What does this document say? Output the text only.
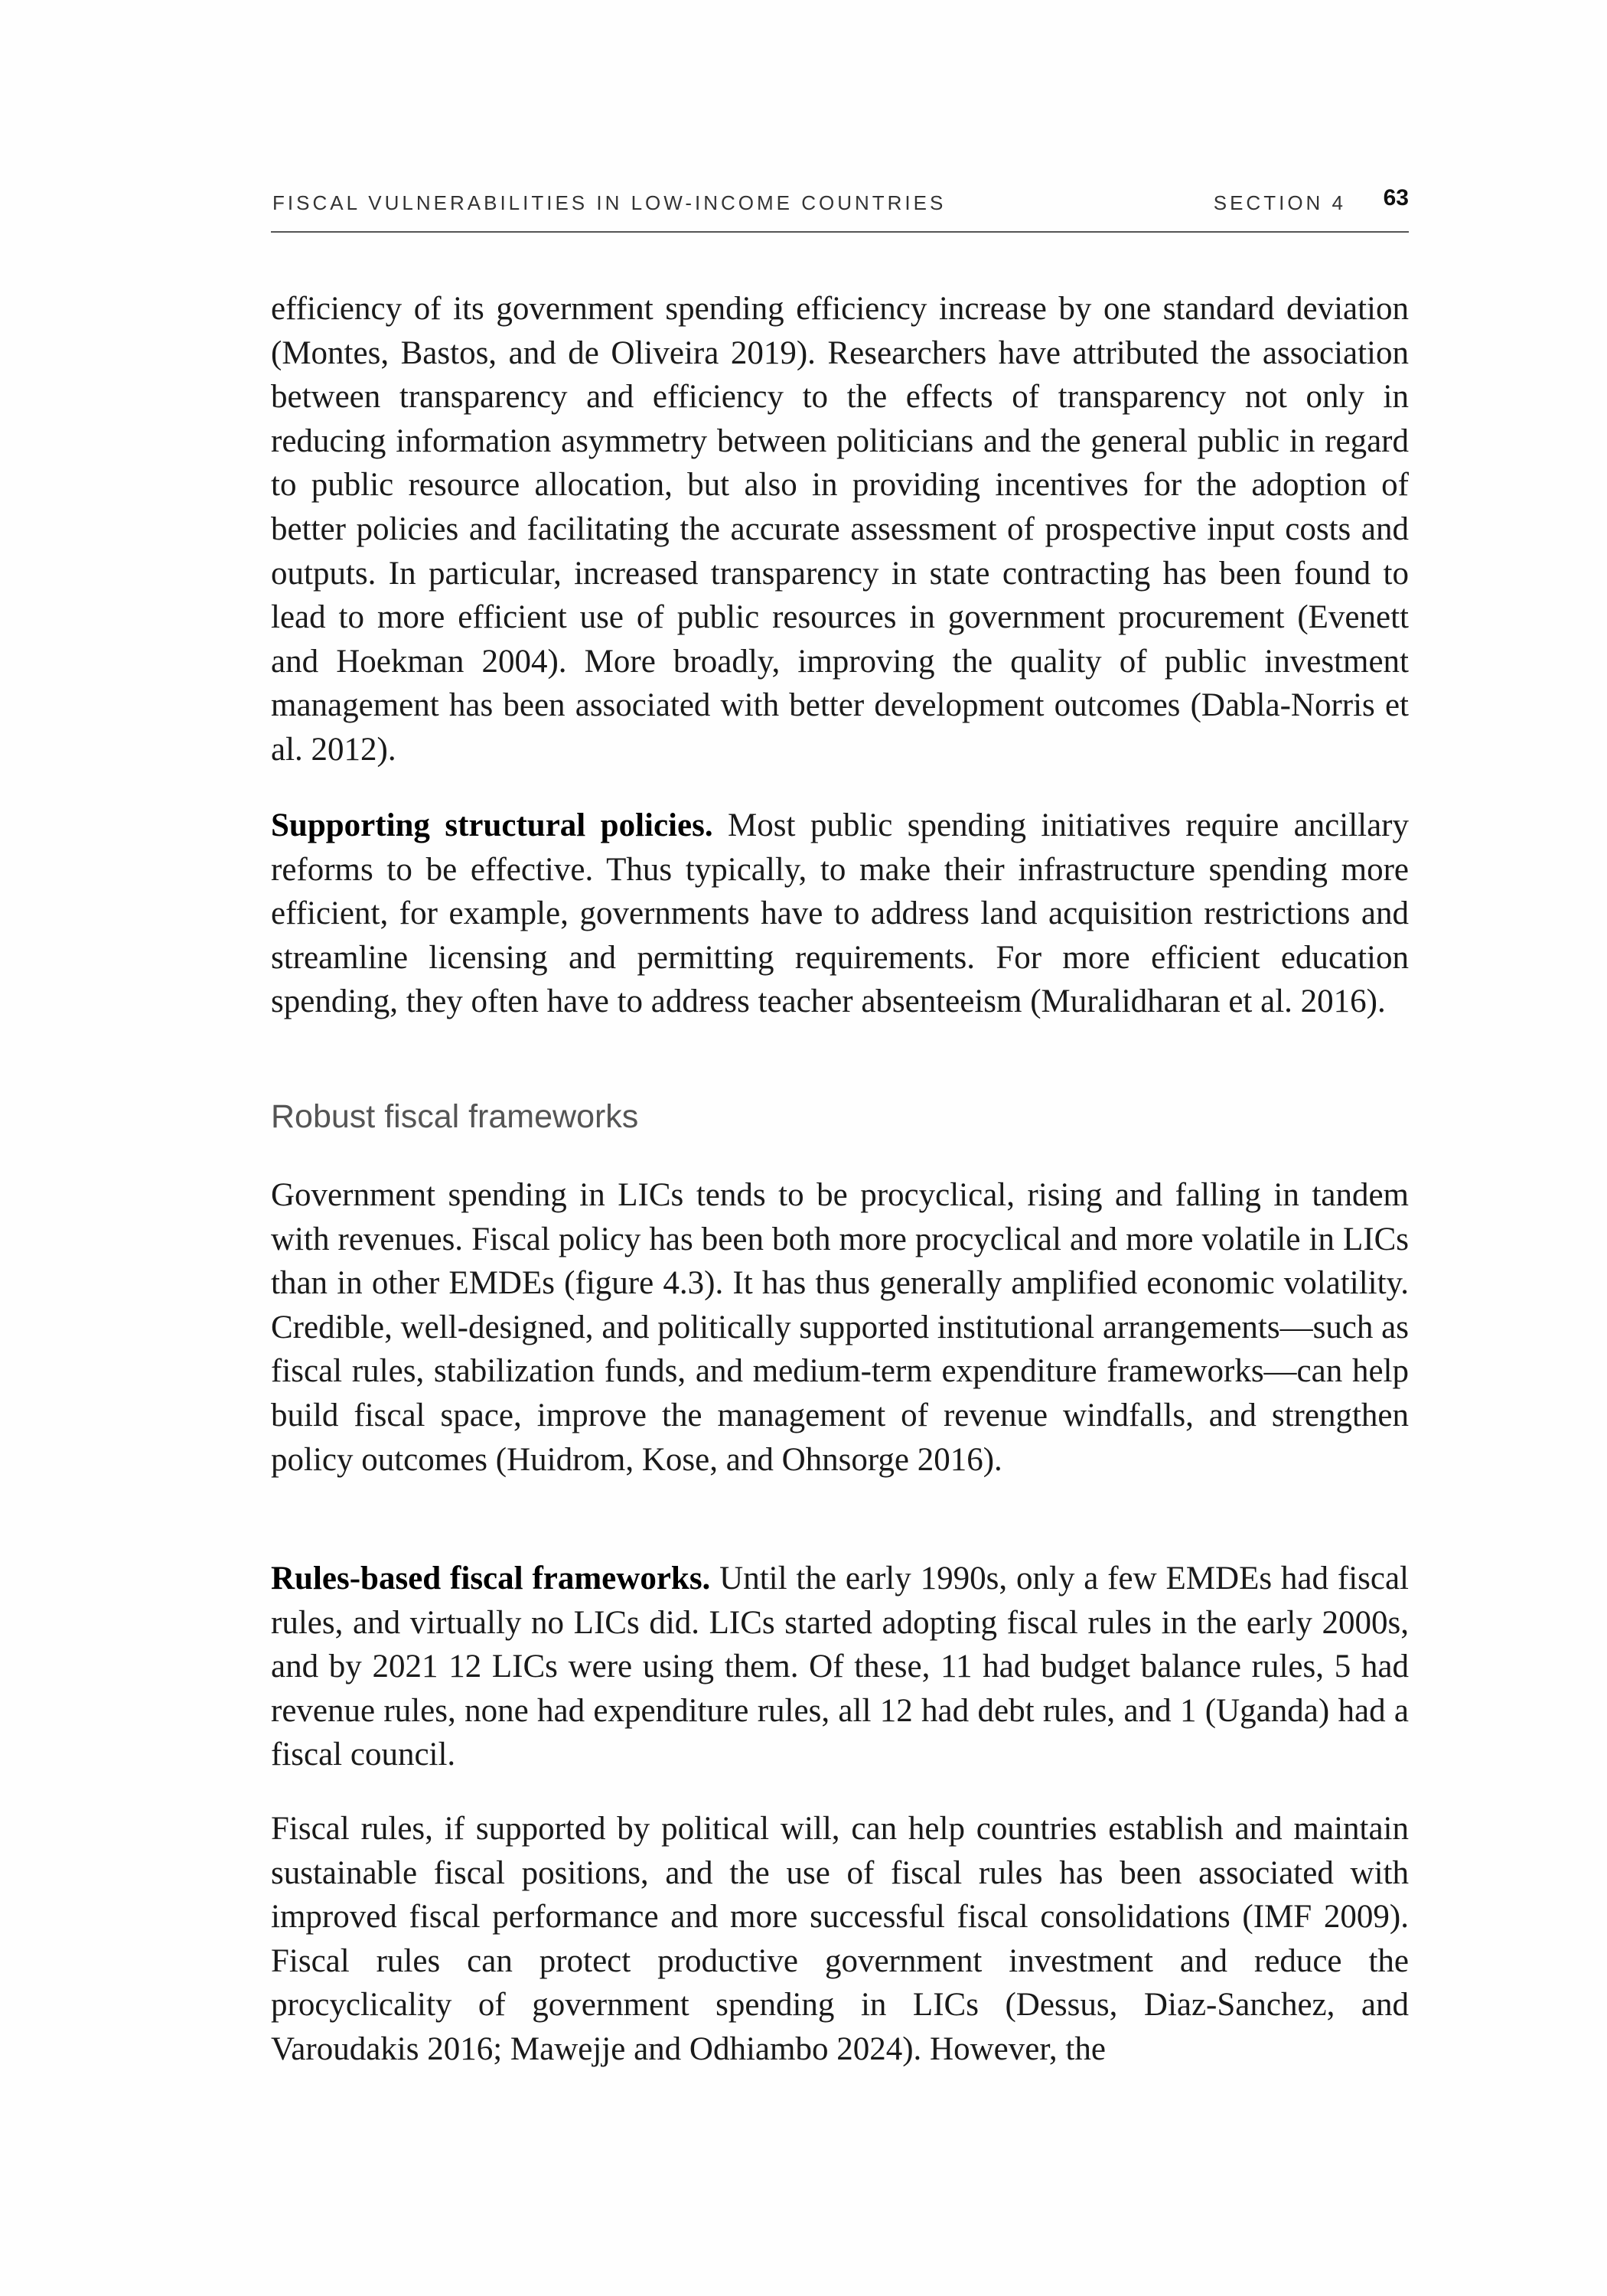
FISCAL VULNERABILITIES IN LOW-INCOME COUNTRIES	SECTION 4 63

efficiency of its government spending efficiency increase by one standard deviation (Montes, Bastos, and de Oliveira 2019). Researchers have attributed the association between transparency and efficiency to the effects of transparency not only in reducing information asymmetry between politicians and the general public in regard to public resource allocation, but also in providing incentives for the adoption of better policies and facilitating the accurate assessment of prospective input costs and outputs. In particular, increased transparency in state contracting has been found to lead to more efficient use of public resources in government procurement (Evenett and Hoekman 2004). More broadly, improving the quality of public investment management has been associated with better development outcomes (Dabla-Norris et al. 2012).

Supporting structural policies. Most public spending initiatives require ancillary reforms to be effective. Thus typically, to make their infrastructure spending more efficient, for example, governments have to address land acquisition restrictions and streamline licensing and permitting requirements. For more efficient education spending, they often have to address teacher absenteeism (Muralidharan et al. 2016).

Robust fiscal frameworks

Government spending in LICs tends to be procyclical, rising and falling in tandem with revenues. Fiscal policy has been both more procyclical and more volatile in LICs than in other EMDEs (figure 4.3). It has thus generally amplified economic volatility. Credible, well-designed, and politically supported institutional arrangements—such as fiscal rules, stabilization funds, and medium-term expenditure frameworks—can help build fiscal space, improve the management of revenue windfalls, and strengthen policy outcomes (Huidrom, Kose, and Ohnsorge 2016).

Rules-based fiscal frameworks. Until the early 1990s, only a few EMDEs had fiscal rules, and virtually no LICs did. LICs started adopting fiscal rules in the early 2000s, and by 2021 12 LICs were using them. Of these, 11 had budget balance rules, 5 had revenue rules, none had expenditure rules, all 12 had debt rules, and 1 (Uganda) had a fiscal council.

Fiscal rules, if supported by political will, can help countries establish and maintain sustainable fiscal positions, and the use of fiscal rules has been associated with improved fiscal performance and more successful fiscal consolidations (IMF 2009). Fiscal rules can protect productive government investment and reduce the procyclicality of government spending in LICs (Dessus, Diaz-Sanchez, and Varoudakis 2016; Mawejje and Odhiambo 2024). However, the
